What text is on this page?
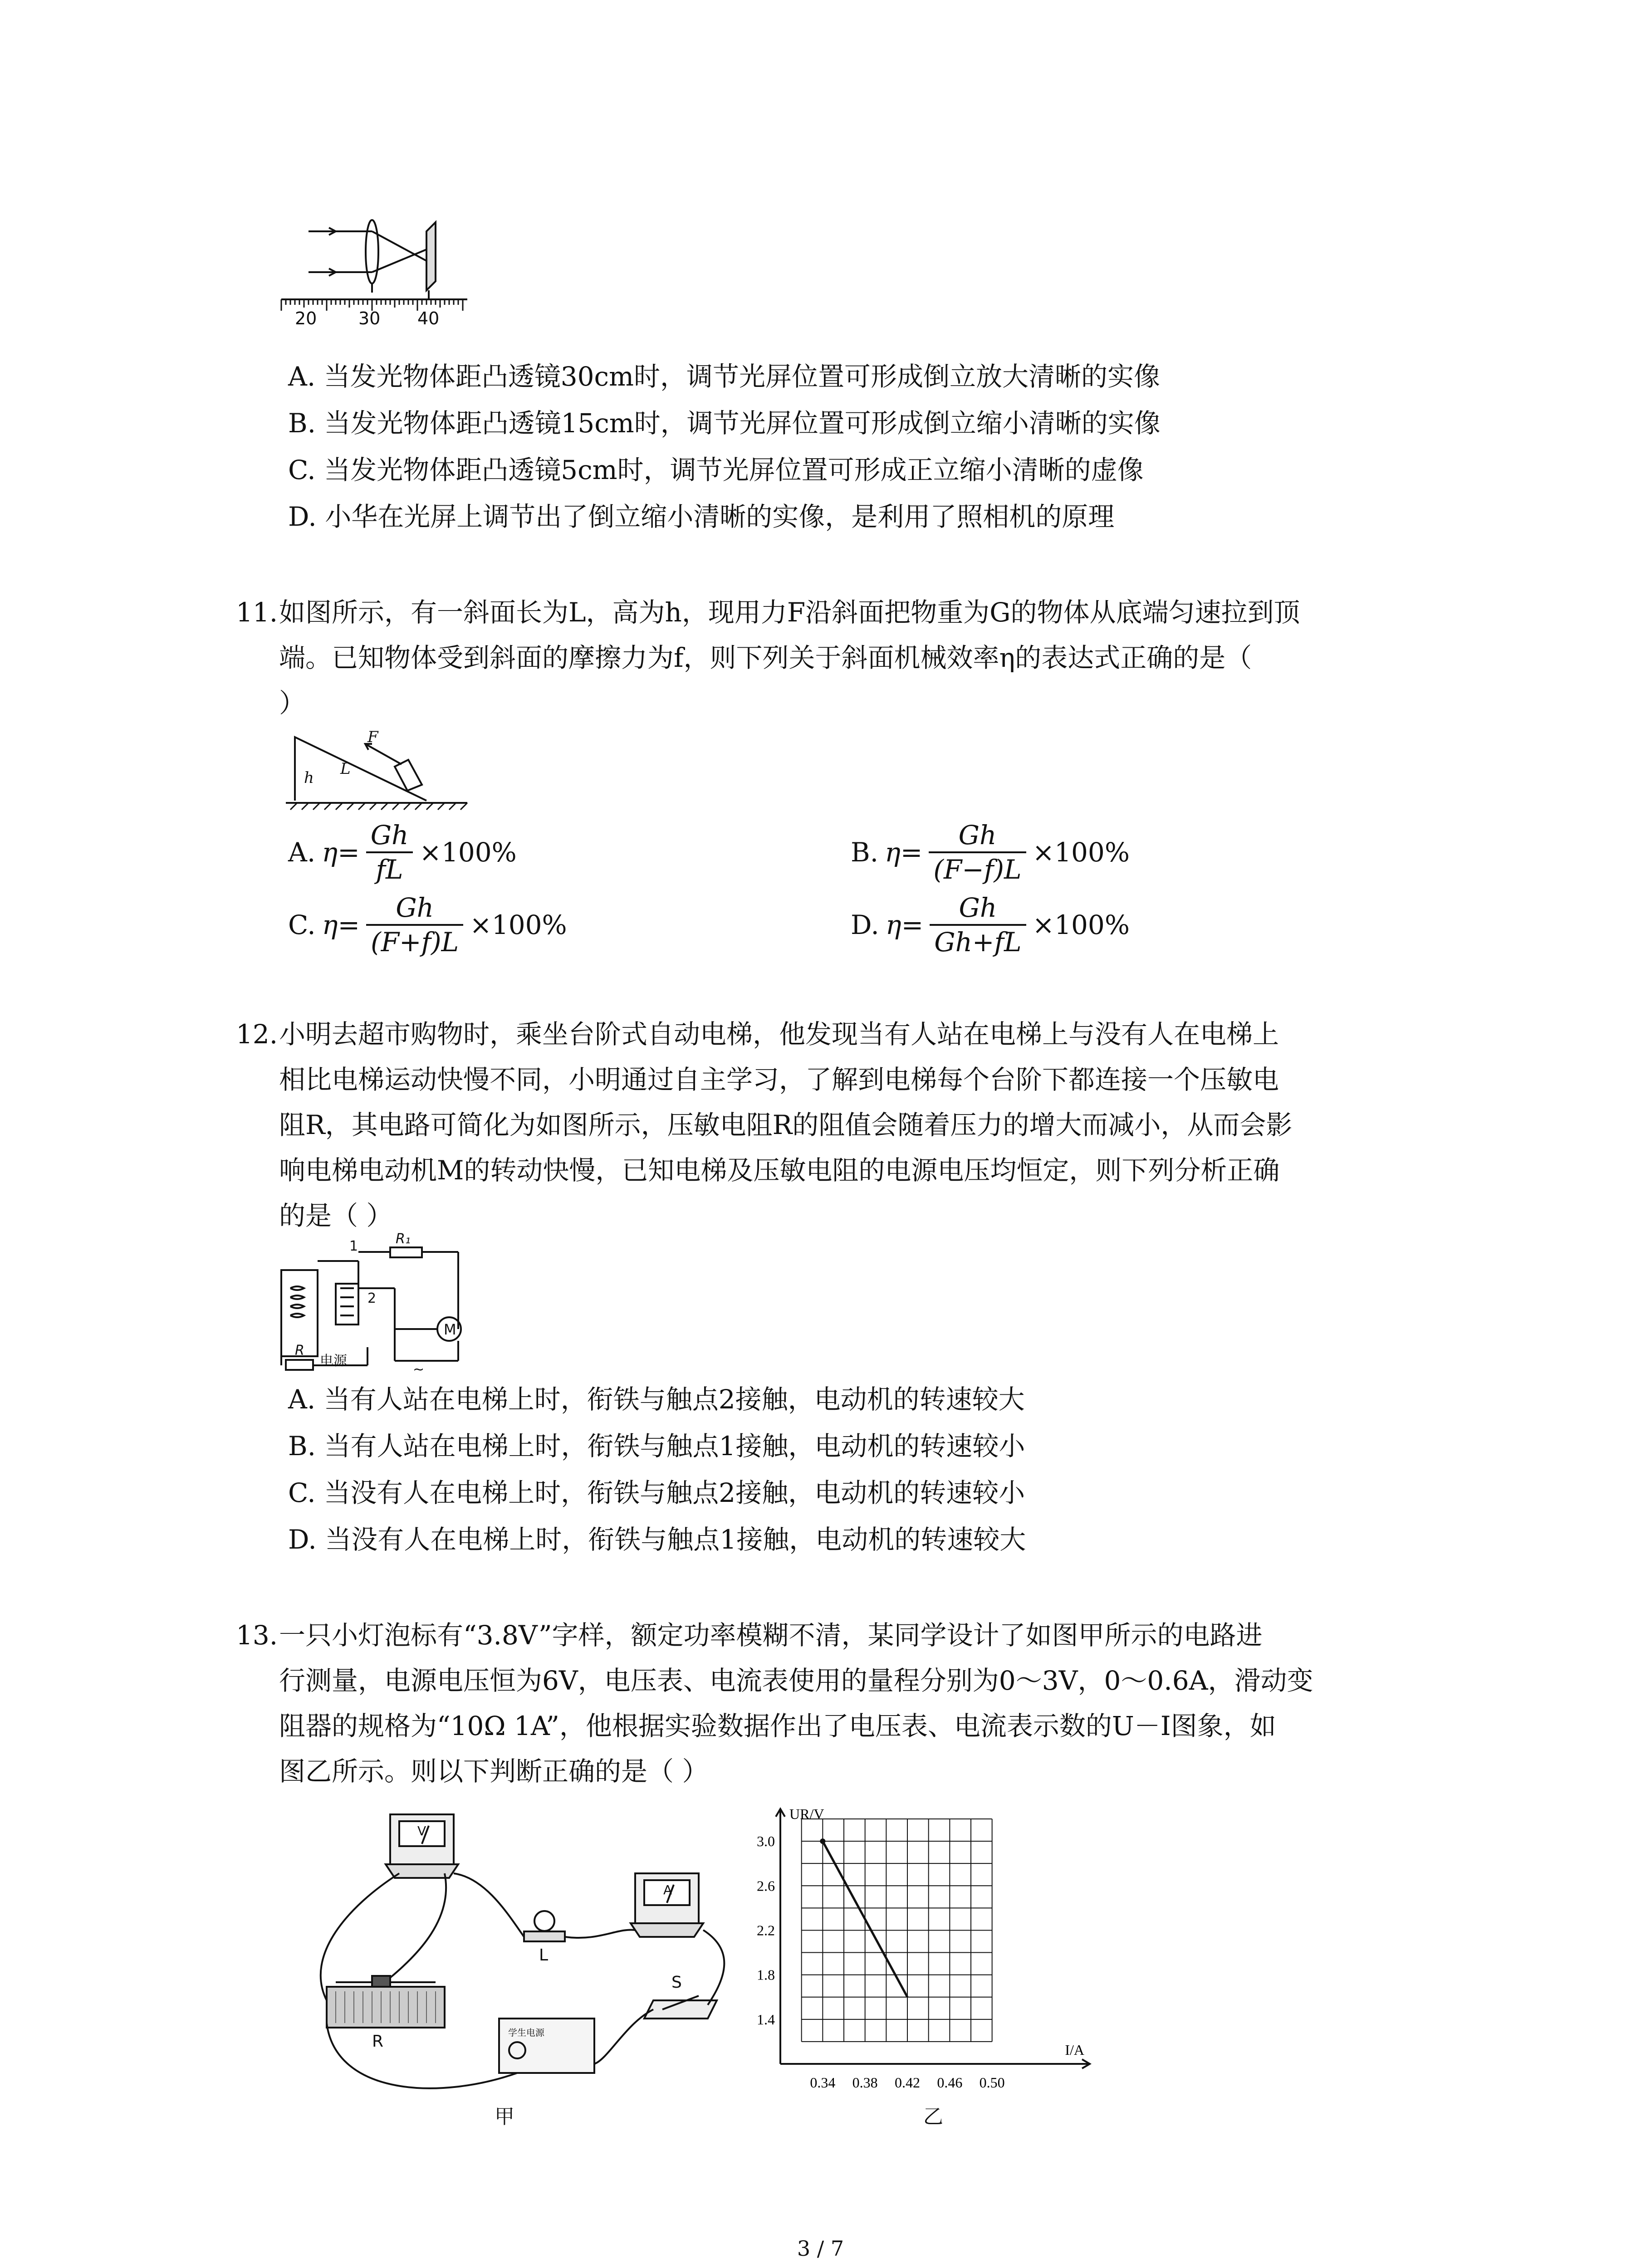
20 30 40
A. 当发光物体距凸透镜30cm时，调节光屏位置可形成倒立放大清晰的实像
B. 当发光物体距凸透镜15cm时，调节光屏位置可形成倒立缩小清晰的实像
C. 当发光物体距凸透镜5cm时，调节光屏位置可形成正立缩小清晰的虚像
D. 小华在光屏上调节出了倒立缩小清晰的实像，是利用了照相机的原理
11. 如图所示，有一斜面长为L，高为h，现用力F沿斜面把物重为G的物体从底端匀速拉到顶
端。已知物体受到斜面的摩擦力为f，则下列关于斜面机械效率η的表达式正确的是（
）
F
L
h
A. $\eta= \frac{Gh}{fL} \times 100\%$	B. $\eta= \frac{Gh}{(F-f)L} \times 100\%$
C. $\eta= \frac{Gh}{(F+f)L} \times 100\%$	D. $\eta= \frac{Gh}{Gh+fL} \times 100\%$
12. 小明去超市购物时，乘坐台阶式自动电梯，他发现当有人站在电梯上与没有人在电梯上
相比电梯运动快慢不同，小明通过自主学习，了解到电梯每个台阶下都连接一个压敏电
阻R，其电路可简化为如图所示，压敏电阻R的阻值会随着压力的增大而减小，从而会影
响电梯电动机M的转动快慢，已知电梯及压敏电阻的电源电压均恒定，则下列分析正确
的是（ ）
R₁
1
2
M
R
电源
~
A. 当有人站在电梯上时，衔铁与触点2接触，电动机的转速较大
B. 当有人站在电梯上时，衔铁与触点1接触，电动机的转速较小
C. 当没有人在电梯上时，衔铁与触点2接触，电动机的转速较小
D. 当没有人在电梯上时，衔铁与触点1接触，电动机的转速较大
13. 一只小灯泡标有“3.8V”字样，额定功率模糊不清，某同学设计了如图甲所示的电路进
行测量，电源电压恒为6V，电压表、电流表使用的量程分别为0～3V，0～0.6A，滑动变
阻器的规格为“10Ω 1A”，他根据实验数据作出了电压表、电流表示数的U－I图象，如
图乙所示。则以下判断正确的是（ ）
V
A
L
S
R	学生电源
甲
0.34 0.38 0.42 0.46 0.50
1.4
1.8
2.2
2.6
3.0
I/A
UR/V
乙
3 / 7
